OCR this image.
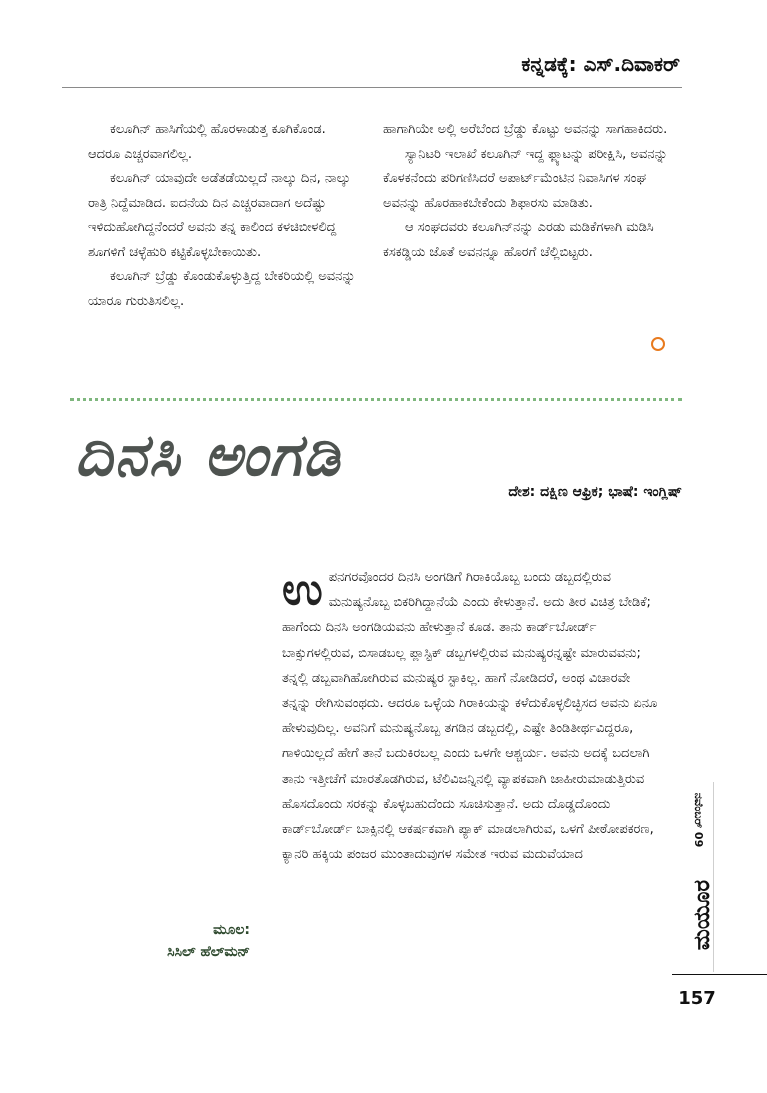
ಕನ್ನಡಕ್ಕೆ: ಎಸ್.ದಿವಾಕರ್

ಕಲೂಗಿನ್ ಹಾಸಿಗೆಯಲ್ಲಿ ಹೊರಳಾಡುತ್ತ ಕೂಗಿಕೊಂಡ. ಆದರೂ ಎಚ್ಚರವಾಗಲಿಲ್ಲ.

ಕಲೂಗಿನ್ ಯಾವುದೇ ಅಡೆತಡೆಯಿಲ್ಲದೆ ನಾಲ್ಕು ದಿನ, ನಾಲ್ಕು ರಾತ್ರಿ ನಿದ್ದೆಮಾಡಿದ. ಐದನೆಯ ದಿನ ಎಚ್ಚರವಾದಾಗ ಅದೆಷ್ಟು ಇಳಿದುಹೋಗಿದ್ದನೆಂದರೆ ಅವನು ತನ್ನ ಕಾಲಿಂದ ಕಳಚಿಬೀಳಲಿದ್ದ ಶೂಗಳಿಗೆ ಚಳ್ಳೆಹುರಿ ಕಟ್ಟಿಕೊಳ್ಳಬೇಕಾಯಿತು.

ಕಲೂಗಿನ್ ಬ್ರೆಡ್ಡು ಕೊಂಡುಕೊಳ್ಳುತ್ತಿದ್ದ ಬೇಕರಿಯಲ್ಲಿ ಅವನನ್ನು ಯಾರೂ ಗುರುತಿಸಲಿಲ್ಲ.

ಹಾಗಾಗಿಯೇ ಅಲ್ಲಿ ಅರೆಬೆಂದ ಬ್ರೆಡ್ಡು ಕೊಟ್ಟು ಅವನನ್ನು ಸಾಗಹಾಕಿದರು.

ಸ್ಯಾನಿಟರಿ ಇಲಾಖೆ ಕಲೂಗಿನ್ ಇದ್ದ ಫ್ಲ್ಯಾಟನ್ನು ಪರೀಕ್ಷಿಸಿ, ಅವನನ್ನು ಕೊಳಕನೆಂದು ಪರಿಗಣಿಸಿದರೆ ಅಪಾರ್ಟ್‌ಮೆಂಟಿನ ನಿವಾಸಿಗಳ ಸಂಘ ಅವನನ್ನು ಹೊರಹಾಕಬೇಕೆಂದು ಶಿಫಾರಸು ಮಾಡಿತು.

ಆ ಸಂಘದವರು ಕಲೂಗಿನ್‌ನನ್ನು ಎರಡು ಮಡಿಕೆಗಳಾಗಿ ಮಡಿಸಿ ಕಸಕಡ್ಡಿಯ ಜೊತೆ ಅವನನ್ನೂ ಹೊರಗೆ ಚೆಲ್ಲಿಬಿಟ್ಟರು.

ದಿನಸಿ ಅಂಗಡಿ
ದೇಶ: ದಕ್ಷಿಣ ಆಫ್ರಿಕ; ಭಾಷೆ: ಇಂಗ್ಲಿಷ್
ಉ ಪನಗರವೊಂದರ ದಿನಸಿ ಅಂಗಡಿಗೆ ಗಿರಾಕಿಯೊಬ್ಬ ಬಂದು ಡಬ್ಬದಲ್ಲಿರುವ ಮನುಷ್ಯನೊಬ್ಬ ಬಿಕರಿಗಿದ್ದಾನೆಯೆ ಎಂದು ಕೇಳುತ್ತಾನೆ. ಅದು ತೀರ ವಿಚಿತ್ರ ಬೇಡಿಕೆ; ಹಾಗೆಂದು ದಿನಸಿ ಅಂಗಡಿಯವನು ಹೇಳುತ್ತಾನೆ ಕೂಡ. ತಾನು ಕಾರ್ಡ್‌ಬೋರ್ಡ್ ಬಾಕ್ಸುಗಳಲ್ಲಿರುವ, ಬಿಸಾಡಬಲ್ಲ ಪ್ಲಾಸ್ಟಿಕ್ ಡಬ್ಬಗಳಲ್ಲಿರುವ ಮನುಷ್ಯರನ್ನಷ್ಟೇ ಮಾರುವವನು; ತನ್ನಲ್ಲಿ ಡಬ್ಬವಾಗಿಹೋಗಿರುವ ಮನುಷ್ಯರ ಸ್ಟಾಕಿಲ್ಲ. ಹಾಗೆ ನೋಡಿದರೆ, ಅಂಥ ವಿಚಾರವೇ ತನ್ನನ್ನು ರೇಗಿಸುವಂಥದು. ಆದರೂ ಒಳ್ಳೆಯ ಗಿರಾಕಿಯನ್ನು ಕಳೆದುಕೊಳ್ಳಲಿಚ್ಛಿಸದ ಅವನು ಏನೂ ಹೇಳುವುದಿಲ್ಲ. ಅವನಿಗೆ ಮನುಷ್ಯನೊಬ್ಬ ತಗಡಿನ ಡಬ್ಬದಲ್ಲಿ, ಎಷ್ಟೇ ತಿಂಡಿತೀರ್ಥವಿದ್ದರೂ, ಗಾಳಿಯಿಲ್ಲದೆ ಹೇಗೆ ತಾನೆ ಬದುಕಿರಬಲ್ಲ ಎಂದು ಒಳಗೇ ಆಶ್ಚರ್ಯ. ಅವನು ಅದಕ್ಕೆ ಬದಲಾಗಿ ತಾನು ಇತ್ತೀಚೆಗೆ ಮಾರತೊಡಗಿರುವ, ಟೆಲಿವಿಜನ್ನಿನಲ್ಲಿ ವ್ಯಾಪಕವಾಗಿ ಜಾಹೀರುಮಾಡುತ್ತಿರುವ ಹೊಸದೊಂದು ಸರಕನ್ನು ಕೊಳ್ಳಬಹುದೆಂದು ಸೂಚಿಸುತ್ತಾನೆ. ಅದು ದೊಡ್ಡದೊಂದು ಕಾರ್ಡ್‌ಬೋರ್ಡ್ ಬಾಕ್ಸಿನಲ್ಲಿ ಆಕರ್ಷಕವಾಗಿ ಪ್ಯಾಕ್ ಮಾಡಲಾಗಿರುವ, ಒಳಗೆ ಪೀಠೋಪಕರಣ, ಕ್ಯಾನರಿ ಹಕ್ಕಿಯ ಪಂಜರ ಮುಂತಾದುವುಗಳ ಸಮೇತ ಇರುವ ಮದುವೆಯಾದ
ಮೂಲ:
ಸಿಸಿಲ್ ಹೆಲ್‌ಮನ್
ನವೆಂಬರ್ 09
ಮಯೂರ
157
